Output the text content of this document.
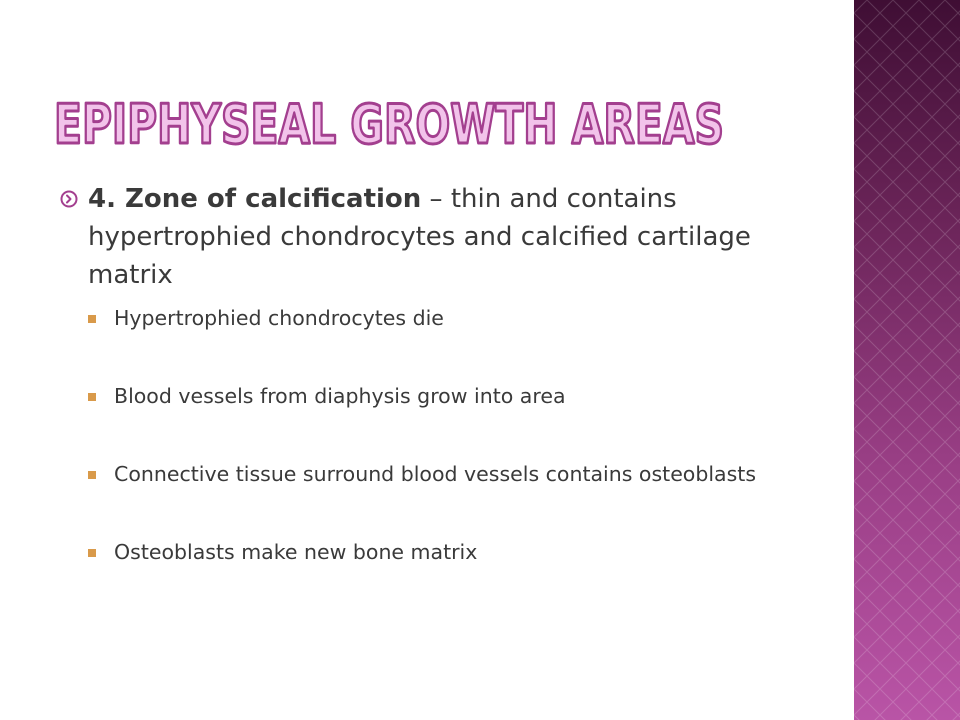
EPIPHYSEAL GROWTH AREAS
4. Zone of calcification – thin and contains hypertrophied chondrocytes and calcified cartilage matrix
Hypertrophied chondrocytes die
Blood vessels from diaphysis grow into area
Connective tissue surround blood vessels contains osteoblasts
Osteoblasts make new bone matrix
